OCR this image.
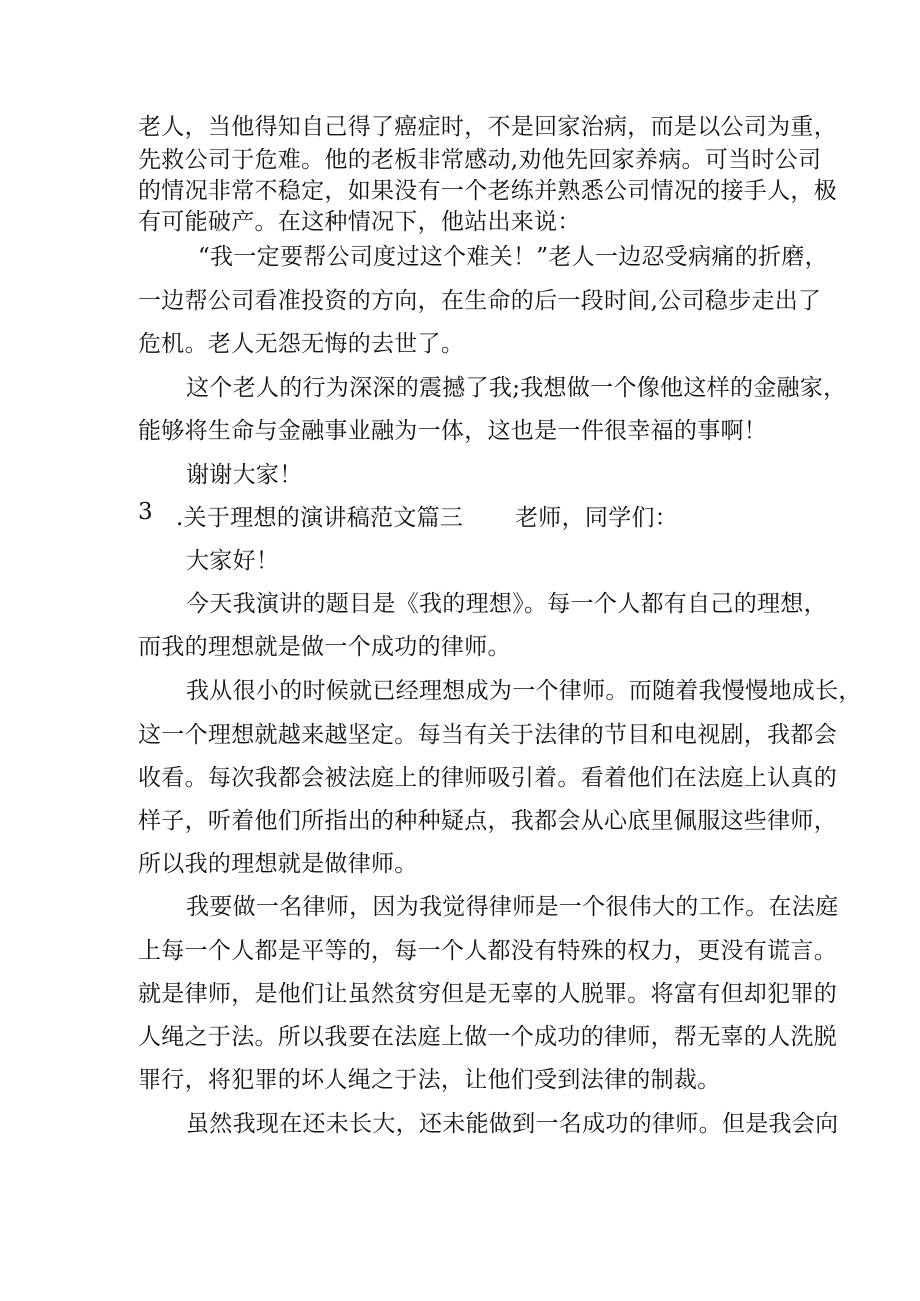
老人，当他得知自己得了癌症时，不是回家治病，而是以公司为重，

先救公司于危难。他的老板非常感动,劝他先回家养病。可当时公司

的情况非常不稳定，如果没有一个老练并熟悉公司情况的接手人，极

有可能破产。在这种情况下，他站出来说：

“我一定要帮公司度过这个难关！”老人一边忍受病痛的折磨，

一边帮公司看准投资的方向，在生命的后一段时间,公司稳步走出了

危机。老人无怨无悔的去世了。

这个老人的行为深深的震撼了我;我想做一个像他这样的金融家，

能够将生命与金融事业融为一体，这也是一件很幸福的事啊！

谢谢大家！

3	.关于理想的演讲稿范文篇三	老师，同学们：

大家好！

今天我演讲的题目是《我的理想》。每一个人都有自己的理想，

而我的理想就是做一个成功的律师。

我从很小的时候就已经理想成为一个律师。而随着我慢慢地成长，

这一个理想就越来越坚定。每当有关于法律的节目和电视剧，我都会

收看。每次我都会被法庭上的律师吸引着。看着他们在法庭上认真的

样子，听着他们所指出的种种疑点，我都会从心底里佩服这些律师，

所以我的理想就是做律师。

我要做一名律师，因为我觉得律师是一个很伟大的工作。在法庭

上每一个人都是平等的，每一个人都没有特殊的权力，更没有谎言。

就是律师，是他们让虽然贫穷但是无辜的人脱罪。将富有但却犯罪的

人绳之于法。所以我要在法庭上做一个成功的律师，帮无辜的人洗脱

罪行，将犯罪的坏人绳之于法，让他们受到法律的制裁。

虽然我现在还未长大，还未能做到一名成功的律师。但是我会向
